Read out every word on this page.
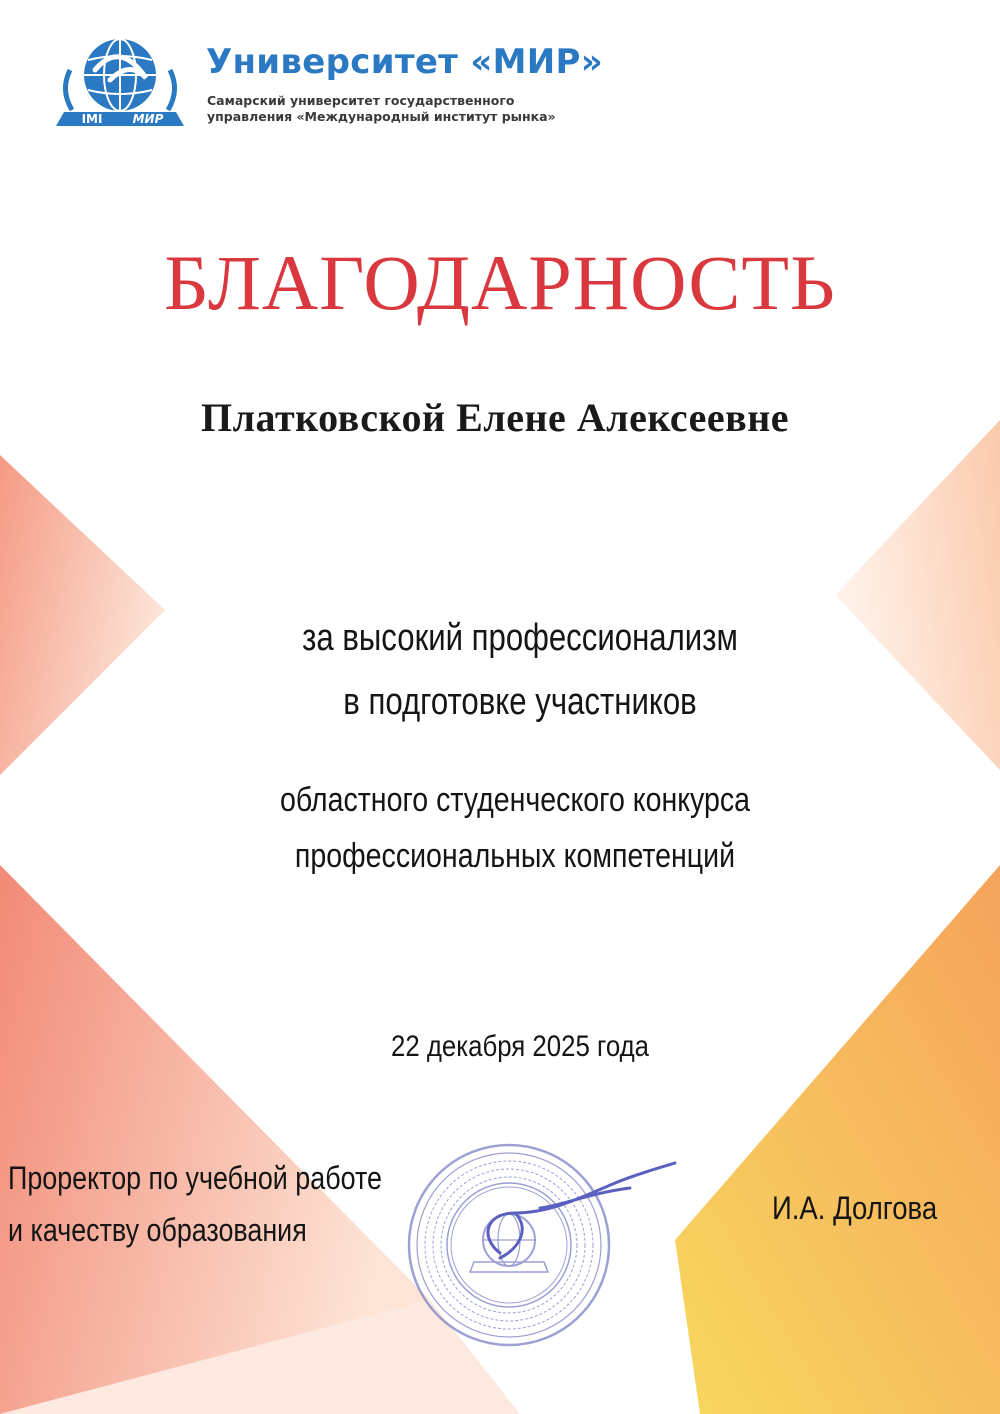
IMI	МИР
Университет «МИР»
Самарский университет государственного
управления «Международный институт рынка»
БЛАГОДАРНОСТЬ
Платковской Елене Алексеевне
за высокий профессионализм
в подготовке участников
областного студенческого конкурса
профессиональных компетенций
22 декабря 2025 года
Проректор по учебной работе
и качеству образования
И.А. Долгова
